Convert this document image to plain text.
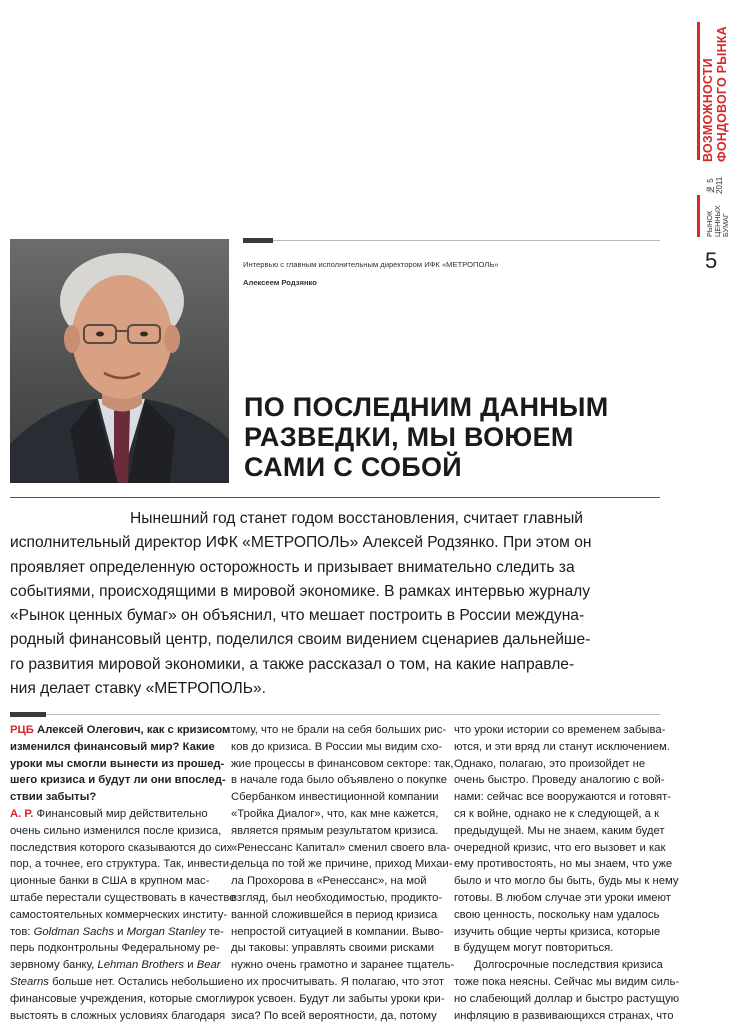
ВОЗМОЖНОСТИ ФОНДОВОГО РЫНКА
№ 5 2011
РЫНОК ЦЕННЫХ БУМАГ
5
Интервью с главным исполнительным директором ИФК «МЕТРОПОЛЬ»
Алексеем Родзянко
ПО ПОСЛЕДНИМ ДАННЫМ
РАЗВЕДКИ, МЫ ВОЮЕМ
САМИ С СОБОЙ
Нынешний год станет годом восстановления, считает главный
исполнительный директор ИФК «МЕТРОПОЛЬ» Алексей Родзянко. При этом он
проявляет определенную осторожность и призывает внимательно следить за
событиями, происходящими в мировой экономике. В рамках интервью журналу
«Рынок ценных бумаг» он объяснил, что мешает построить в России междуна-
родный финансовый центр, поделился своим видением сценариев дальнейше-
го развития мировой экономики, а также рассказал о том, на какие направле-
ния делает ставку «МЕТРОПОЛЬ».
РЦБ Алексей Олегович, как с кризисом
изменился финансовый мир? Какие
уроки мы смогли вынести из прошед-
шего кризиса и будут ли они впослед-
ствии забыты?
А. Р. Финансовый мир действительно
очень сильно изменился после кризиса,
последствия которого сказываются до сих
пор, а точнее, его структура. Так, инвести-
ционные банки в США в крупном мас-
штабе перестали существовать в качестве
самостоятельных коммерческих институ-
тов: Goldman Sachs и Morgan Stanley те-
перь подконтрольны Федеральному ре-
зервному банку, Lehman Brothers и Bear
Stearns больше нет. Остались небольшие
финансовые учреждения, которые смогли
выстоять в сложных условиях благодаря
тому, что не брали на себя больших рис-
ков до кризиса. В России мы видим схо-
жие процессы в финансовом секторе: так,
в начале года было объявлено о покупке
Сбербанком инвестиционной компании
«Тройка Диалог», что, как мне кажется,
является прямым результатом кризиса.
«Ренессанс Капитал» сменил своего вла-
дельца по той же причине, приход Михаи-
ла Прохорова в «Ренессанс», на мой
взгляд, был необходимостью, продикто-
ванной сложившейся в период кризиса
непростой ситуацией в компании. Выво-
ды таковы: управлять своими рисками
нужно очень грамотно и заранее тщатель-
но их просчитывать. Я полагаю, что этот
урок усвоен. Будут ли забыты уроки кри-
зиса? По всей вероятности, да, потому
что уроки истории со временем забыва-
ются, и эти вряд ли станут исключением.
Однако, полагаю, это произойдет не
очень быстро. Проведу аналогию с вой-
нами: сейчас все вооружаются и готовят-
ся к войне, однако не к следующей, а к
предыдущей. Мы не знаем, каким будет
очередной кризис, что его вызовет и как
ему противостоять, но мы знаем, что уже
было и что могло бы быть, будь мы к нему
готовы. В любом случае эти уроки имеют
свою ценность, поскольку нам удалось
изучить общие черты кризиса, которые
в будущем могут повториться.
Долгосрочные последствия кризиса
тоже пока неясны. Сейчас мы видим силь-
но слабеющий доллар и быстро растущую
инфляцию в развивающихся странах, что
